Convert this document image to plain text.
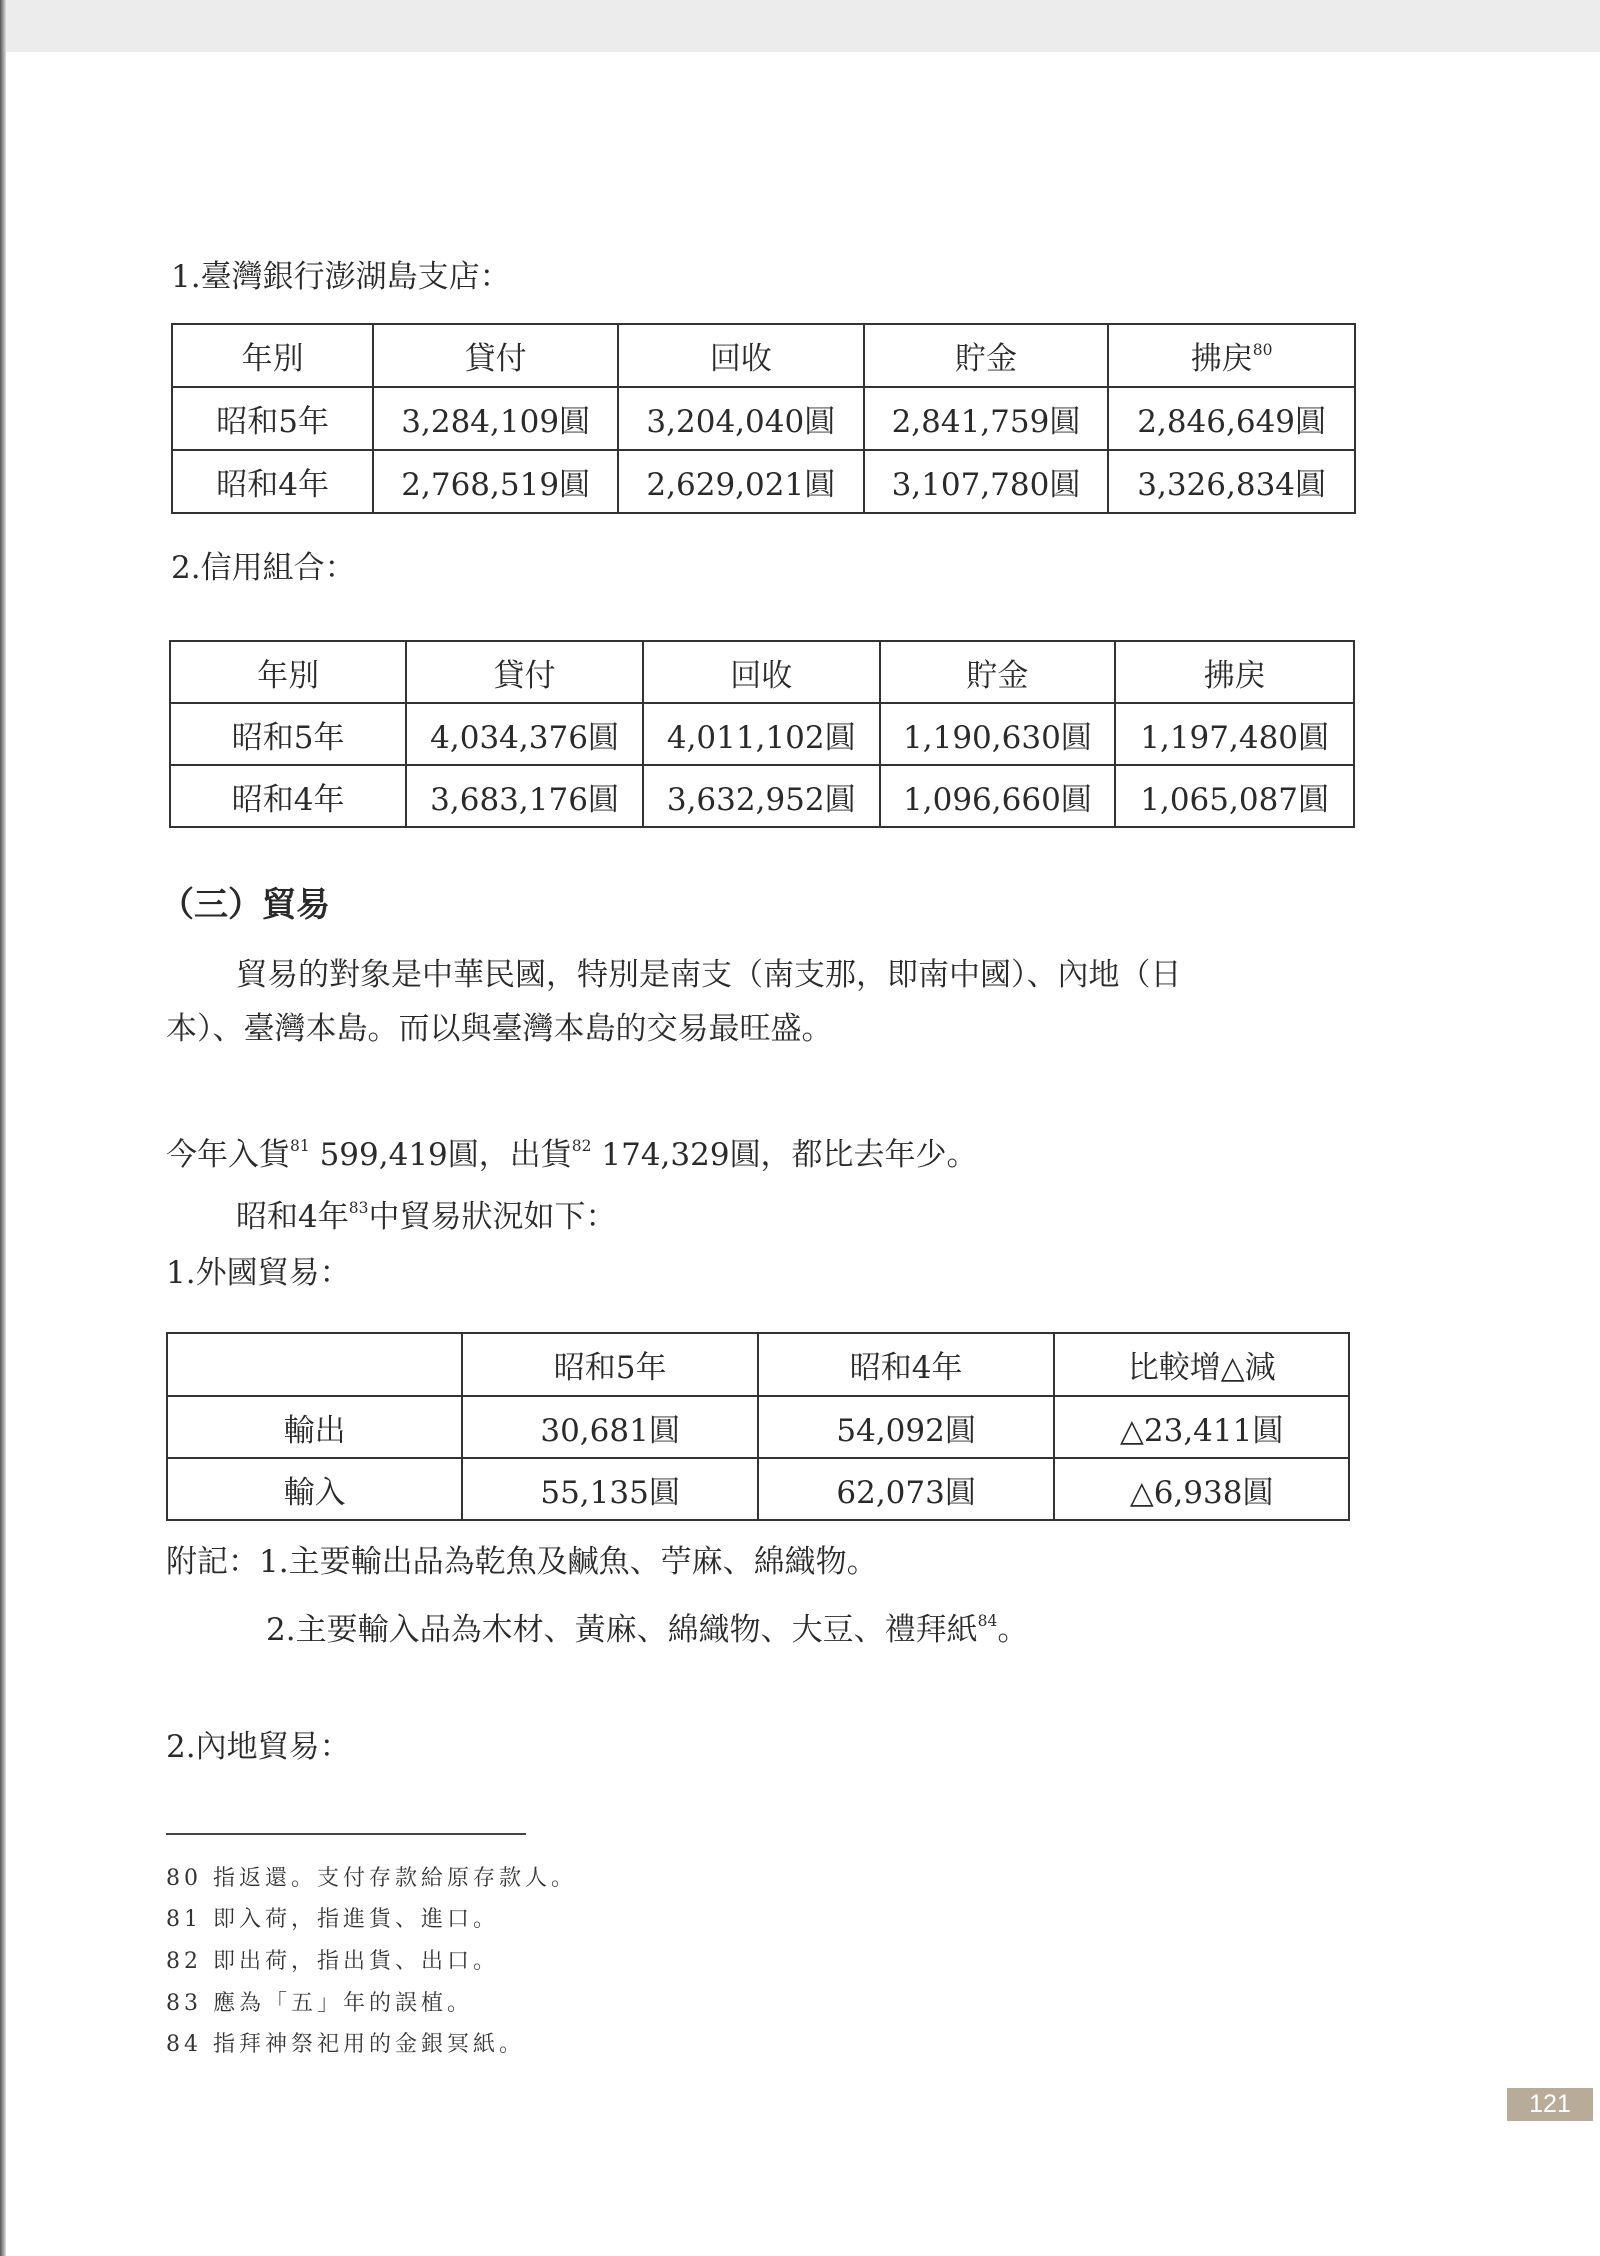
1.臺灣銀行澎湖島支店：
年別	貸付	回收	貯金	拂戻$^{80}$
昭和5年	3,284,109圓	3,204,040圓	2,841,759圓	2,846,649圓
昭和4年	2,768,519圓	2,629,021圓	3,107,780圓	3,326,834圓
2.信用組合：
年別	貸付	回收	貯金	拂戻
昭和5年	4,034,376圓	4,011,102圓	1,190,630圓	1,197,480圓
昭和4年	3,683,176圓	3,632,952圓	1,096,660圓	1,065,087圓
（三）貿易
貿易的對象是中華民國，特別是南支（南支那，即南中國）、內地（日
本）、臺灣本島。而以與臺灣本島的交易最旺盛。
今年入貨$^{81}$ 599,419圓，出貨$^{82}$ 174,329圓，都比去年少。
昭和4年$^{83}$中貿易狀況如下：
1.外國貿易：
	昭和5年	昭和4年	比較增△減
輸出	30,681圓	54,092圓	△23,411圓
輸入	55,135圓	62,073圓	△6,938圓
附記：1.主要輸出品為乾魚及鹹魚、苧麻、綿織物。
2.主要輸入品為木材、黃麻、綿織物、大豆、禮拜紙$^{84}$。
2.內地貿易：
80 指返還。支付存款給原存款人。
81 即入荷，指進貨、進口。
82 即出荷，指出貨、出口。
83 應為「五」年的誤植。
84 指拜神祭祀用的金銀冥紙。
121
